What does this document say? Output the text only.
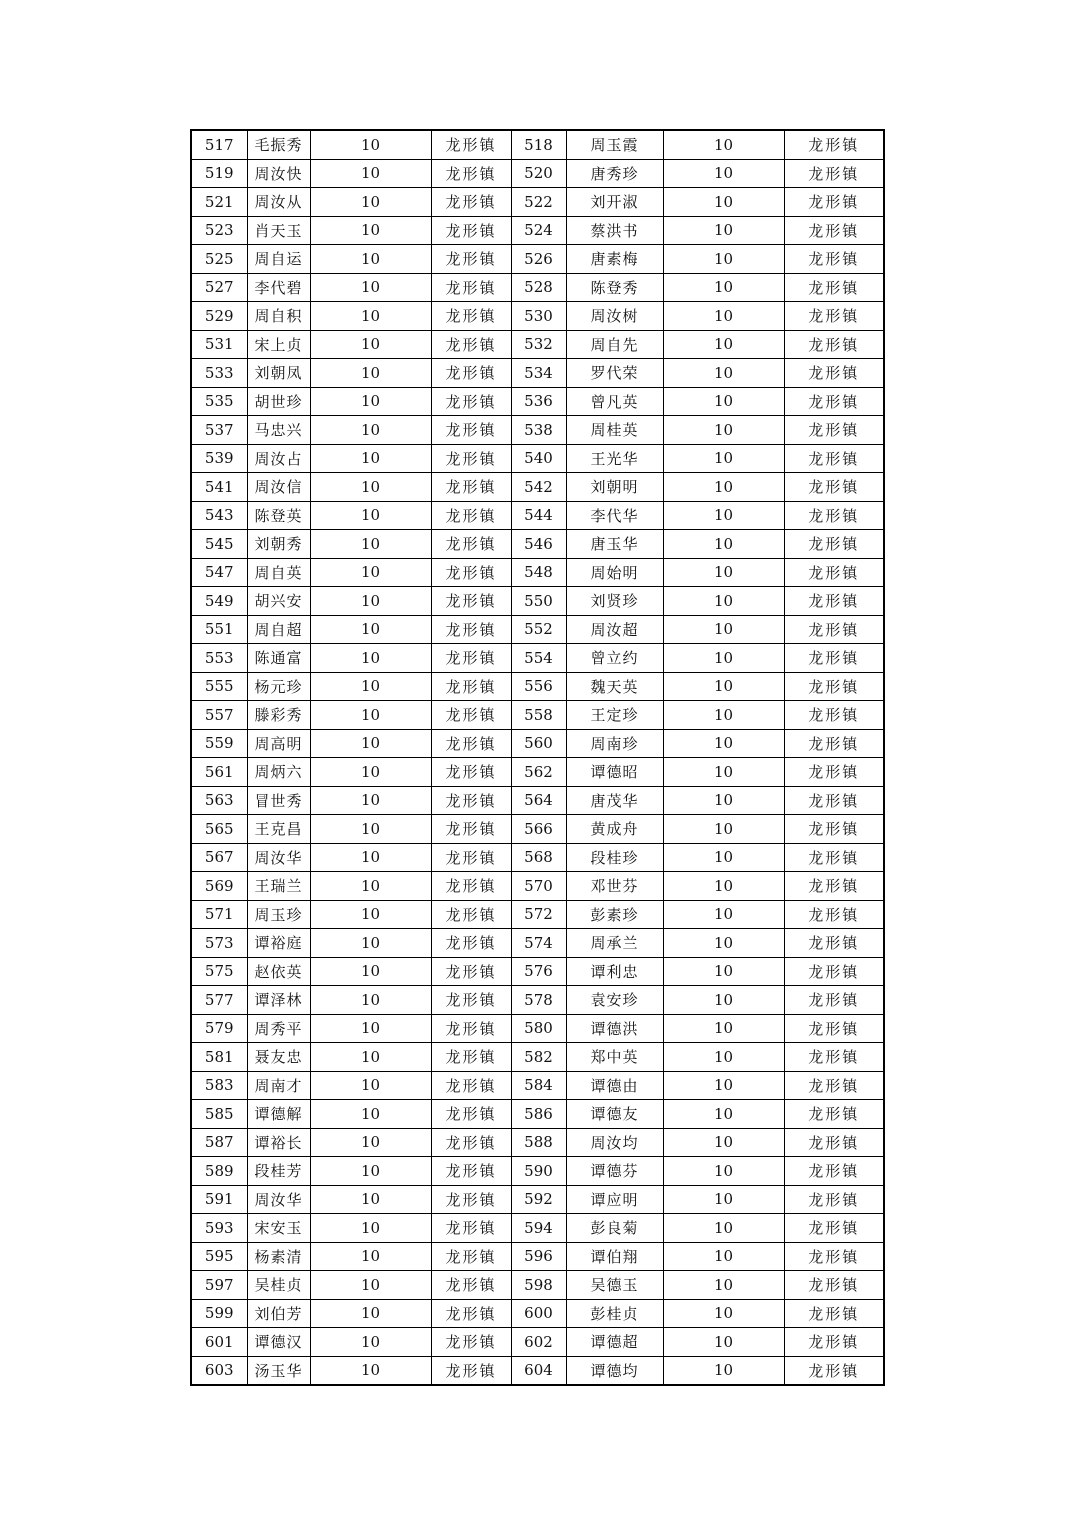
517	毛振秀	10	龙形镇	518	周玉霞	10	龙形镇
519	周汝快	10	龙形镇	520	唐秀珍	10	龙形镇
521	周汝从	10	龙形镇	522	刘开淑	10	龙形镇
523	肖天玉	10	龙形镇	524	蔡洪书	10	龙形镇
525	周自运	10	龙形镇	526	唐素梅	10	龙形镇
527	李代碧	10	龙形镇	528	陈登秀	10	龙形镇
529	周自积	10	龙形镇	530	周汝树	10	龙形镇
531	宋上贞	10	龙形镇	532	周自先	10	龙形镇
533	刘朝凤	10	龙形镇	534	罗代荣	10	龙形镇
535	胡世珍	10	龙形镇	536	曾凡英	10	龙形镇
537	马忠兴	10	龙形镇	538	周桂英	10	龙形镇
539	周汝占	10	龙形镇	540	王光华	10	龙形镇
541	周汝信	10	龙形镇	542	刘朝明	10	龙形镇
543	陈登英	10	龙形镇	544	李代华	10	龙形镇
545	刘朝秀	10	龙形镇	546	唐玉华	10	龙形镇
547	周自英	10	龙形镇	548	周始明	10	龙形镇
549	胡兴安	10	龙形镇	550	刘贤珍	10	龙形镇
551	周自超	10	龙形镇	552	周汝超	10	龙形镇
553	陈通富	10	龙形镇	554	曾立约	10	龙形镇
555	杨元珍	10	龙形镇	556	魏天英	10	龙形镇
557	滕彩秀	10	龙形镇	558	王定珍	10	龙形镇
559	周高明	10	龙形镇	560	周南珍	10	龙形镇
561	周炳六	10	龙形镇	562	谭德昭	10	龙形镇
563	冒世秀	10	龙形镇	564	唐茂华	10	龙形镇
565	王克昌	10	龙形镇	566	黄成舟	10	龙形镇
567	周汝华	10	龙形镇	568	段桂珍	10	龙形镇
569	王瑞兰	10	龙形镇	570	邓世芬	10	龙形镇
571	周玉珍	10	龙形镇	572	彭素珍	10	龙形镇
573	谭裕庭	10	龙形镇	574	周承兰	10	龙形镇
575	赵依英	10	龙形镇	576	谭利忠	10	龙形镇
577	谭泽林	10	龙形镇	578	袁安珍	10	龙形镇
579	周秀平	10	龙形镇	580	谭德洪	10	龙形镇
581	聂友忠	10	龙形镇	582	郑中英	10	龙形镇
583	周南才	10	龙形镇	584	谭德由	10	龙形镇
585	谭德解	10	龙形镇	586	谭德友	10	龙形镇
587	谭裕长	10	龙形镇	588	周汝均	10	龙形镇
589	段桂芳	10	龙形镇	590	谭德芬	10	龙形镇
591	周汝华	10	龙形镇	592	谭应明	10	龙形镇
593	宋安玉	10	龙形镇	594	彭良菊	10	龙形镇
595	杨素清	10	龙形镇	596	谭伯翔	10	龙形镇
597	吴桂贞	10	龙形镇	598	吴德玉	10	龙形镇
599	刘伯芳	10	龙形镇	600	彭桂贞	10	龙形镇
601	谭德汉	10	龙形镇	602	谭德超	10	龙形镇
603	汤玉华	10	龙形镇	604	谭德均	10	龙形镇
